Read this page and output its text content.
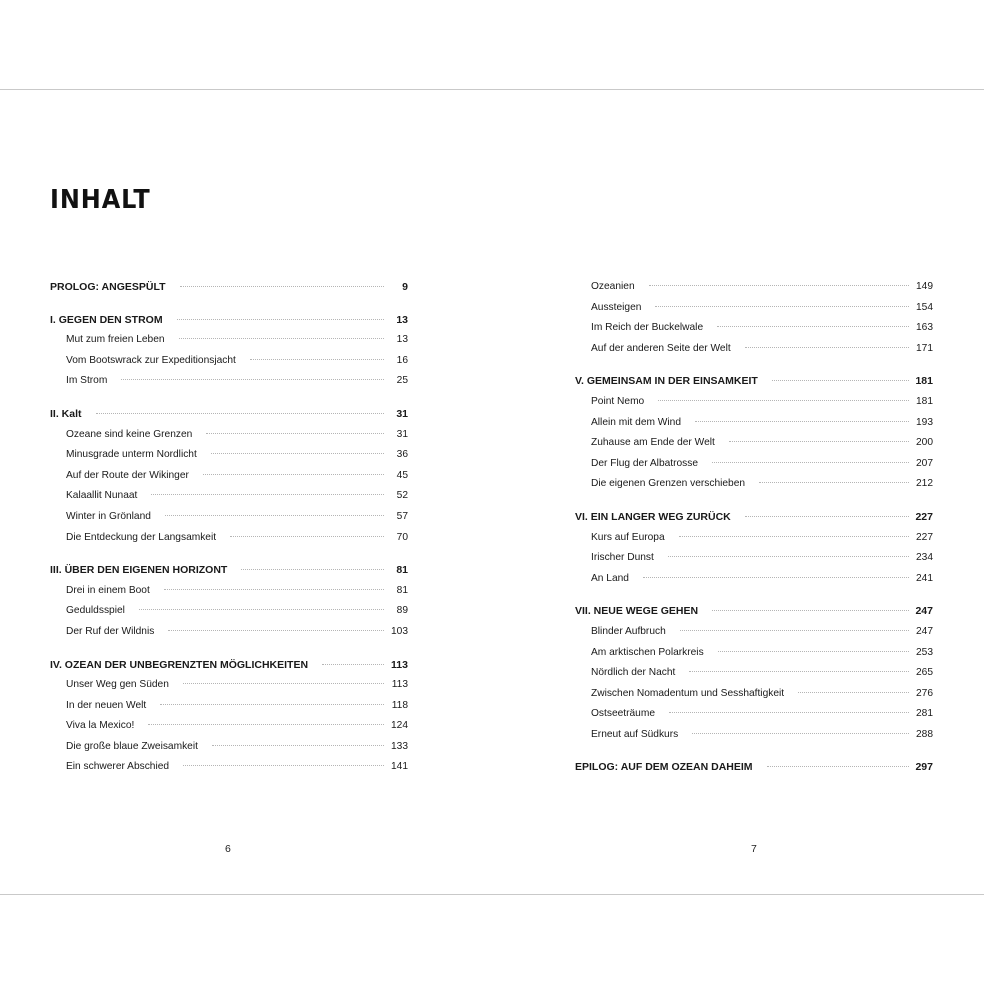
INHALT
PROLOG: ANGESPÜLT	9
I. GEGEN DEN STROM	13
Mut zum freien Leben	13
Vom Bootswrack zur Expeditionsjacht	16
Im Strom	25
II. Kalt	31
Ozeane sind keine Grenzen	31
Minusgrade unterm Nordlicht	36
Auf der Route der Wikinger	45
Kalaallit Nunaat	52
Winter in Grönland	57
Die Entdeckung der Langsamkeit	70
III. ÜBER DEN EIGENEN HORIZONT	81
Drei in einem Boot	81
Geduldsspiel	89
Der Ruf der Wildnis	103
IV. OZEAN DER UNBEGRENZTEN MÖGLICHKEITEN	113
Unser Weg gen Süden	113
In der neuen Welt	118
Viva la Mexico!	124
Die große blaue Zweisamkeit	133
Ein schwerer Abschied	141
Ozeanien	149
Aussteigen	154
Im Reich der Buckelwale	163
Auf der anderen Seite der Welt	171
V. GEMEINSAM IN DER EINSAMKEIT	181
Point Nemo	181
Allein mit dem Wind	193
Zuhause am Ende der Welt	200
Der Flug der Albatrosse	207
Die eigenen Grenzen verschieben	212
VI. EIN LANGER WEG ZURÜCK	227
Kurs auf Europa	227
Irischer Dunst	234
An Land	241
VII. NEUE WEGE GEHEN	247
Blinder Aufbruch	247
Am arktischen Polarkreis	253
Nördlich der Nacht	265
Zwischen Nomadentum und Sesshaftigkeit	276
Ostseeträume	281
Erneut auf Südkurs	288
EPILOG: AUF DEM OZEAN DAHEIM	297
6	7
